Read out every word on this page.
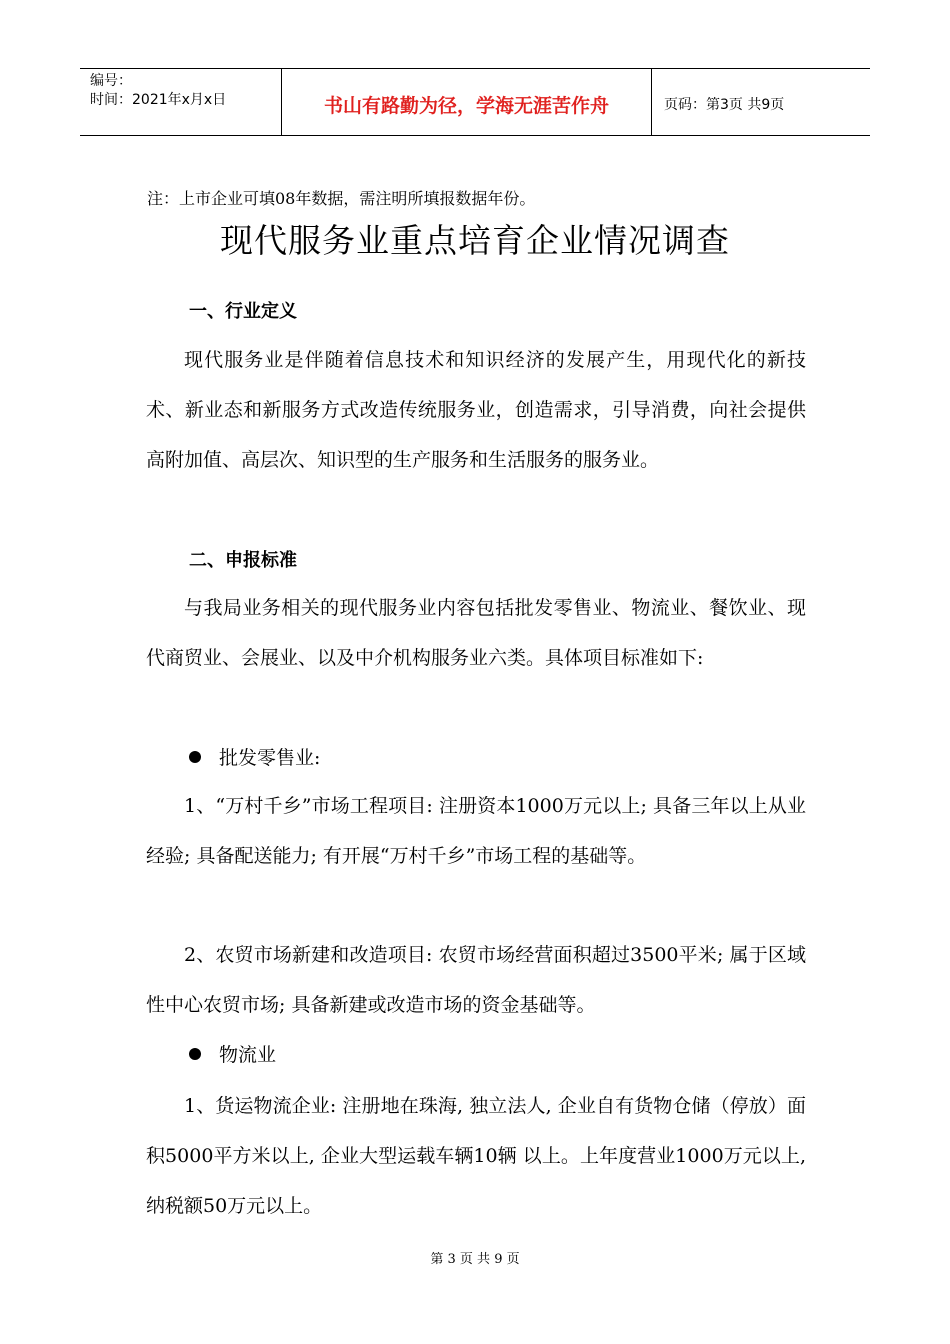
编号：
时间：2021年x月x日	书山有路勤为径，学海无涯苦作舟	页码：第3页 共9页
注：上市企业可填08年数据，需注明所填报数据年份。
现代服务业重点培育企业情况调查
一、行业定义
现代服务业是伴随着信息技术和知识经济的发展产生，用现代化的新技术、新业态和新服务方式改造传统服务业，创造需求，引导消费，向社会提供高附加值、高层次、知识型的生产服务和生活服务的服务业。
二、申报标准
与我局业务相关的现代服务业内容包括批发零售业、物流业、餐饮业、现代商贸业、会展业、以及中介机构服务业六类。具体项目标准如下:
批发零售业:
1、“万村千乡”市场工程项目: 注册资本1000万元以上; 具备三年以上从业经验; 具备配送能力; 有开展“万村千乡”市场工程的基础等。
2、农贸市场新建和改造项目: 农贸市场经营面积超过3500平米; 属于区域性中心农贸市场; 具备新建或改造市场的资金基础等。
物流业
1、货运物流企业: 注册地在珠海, 独立法人, 企业自有货物仓储（停放）面积5000平方米以上, 企业大型运载车辆10辆 以上。上年度营业1000万元以上, 纳税额50万元以上。
第 3 页 共 9 页
